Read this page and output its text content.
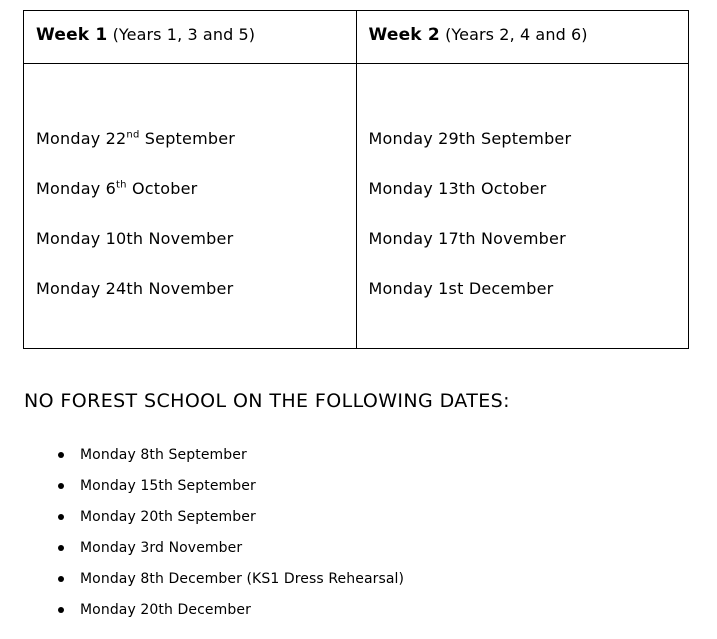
Week 1 (Years 1, 3 and 5)	Week 2 (Years 2, 4 and 6)

Monday 22nd September
Monday 6th October
Monday 10th November
Monday 24th November

Monday 29th September
Monday 13th October
Monday 17th November
Monday 1st December
NO FOREST SCHOOL ON THE FOLLOWING DATES:
Monday 8th September
Monday 15th September
Monday 20th September
Monday 3rd November
Monday 8th December (KS1 Dress Rehearsal)
Monday 20th December
